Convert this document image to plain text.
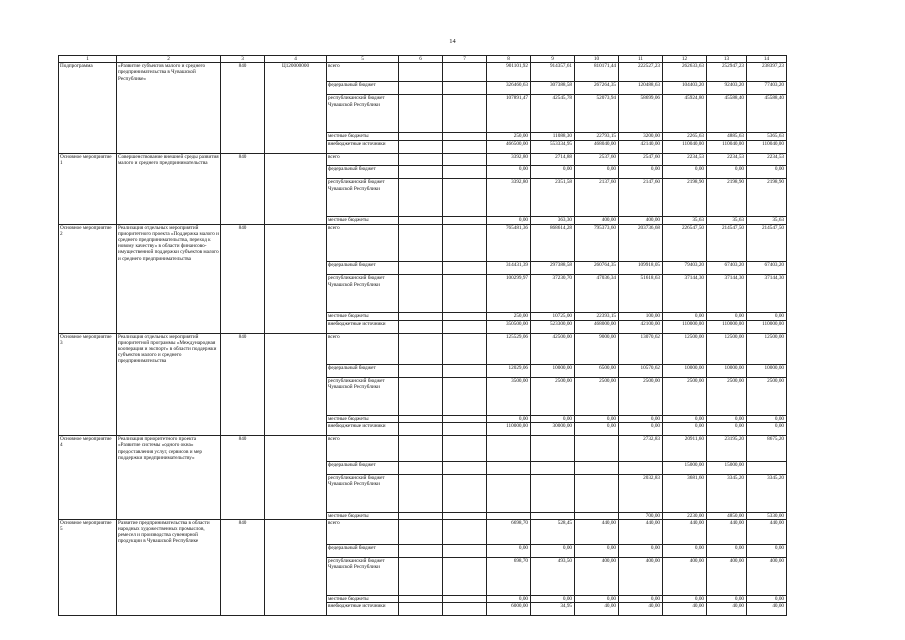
14
1	2	3	4	5	6	7	8	9	10	11	12	13	14
Подпрограмма	«Развитие субъектов малого и среднего предпринимательства в Чувашской Республике»	840	Ц120000000	всего			901101,92	914357,61	810171,44	222527,23	262633,63	252947,23	238397,23
				федеральный бюджет			326460,63	307388,58	267264,35	120488,63	104403,20	92403,20	77403,20
				республиканский бюджет Чувашской Республики			107891,47	42545,78	52073,94	58699,06	45924,80	45588,40	45588,40
				местные бюджеты			250,00	11088,30	22793,15	3200,00	2265,63	4885,63	5365,63
				внебюджетные источники			466500,00	553334,95	468040,00	42140,00	110040,00	110040,00	110040,00
Основное мероприятие 1	Совершенствование внешней среды развития малого и среднего предпринимательства	840		всего			3392,80	2714,88	2537,60	2547,60	2234,53	2234,53	2234,53
				федеральный бюджет			0,00	0,00	0,00	0,00	0,00	0,00	0,00
				республиканский бюджет Чувашской Республики			3392,80	2351,58	2137,60	2147,60	2198,90	2198,90	2198,90
				местные бюджеты			0,00	363,30	400,00	400,00	35,63	35,63	35,63
Основное мероприятие 2	Реализация отдельных мероприятий приоритетного проекта «Поддержка малого и среднего предпринимательства, переход к новому качеству» в области финансово-имущественной поддержки субъектов малого и среднего предпринимательства	840		всего			765481,36	868614,28	795373,60	203736,68	226547,50	214547,50	214547,50
				федеральный бюджет			314431,39	297388,58	260764,35	109918,05	79403,20	67403,20	67403,20
				республиканский бюджет Чувашской Республики			100299,97	37230,70	47036,34	51618,63	37144,30	37144,30	37144,30
				местные бюджеты			250,00	10725,00	22393,15	100,00	0,00	0,00	0,00
				внебюджетные источники			350500,00	523300,00	468000,00	42100,00	110000,00	110000,00	110000,00
Основное мероприятие 3	Реализация отдельных мероприятий приоритетной программы «Международная кооперация и экспорт» в области поддержки субъектов малого и среднего предпринимательства	840		всего			125529,06	42500,00	9000,00	13070,62	12500,00	12500,00	12500,00
				федеральный бюджет			12029,06	10000,00	6500,00	10570,62	10000,00	10000,00	10000,00
				республиканский бюджет Чувашской Республики			3500,00	2500,00	2500,00	2500,00	2500,00	2500,00	2500,00
				местные бюджеты			0,00	0,00	0,00	0,00	0,00	0,00	0,00
				внебюджетные источники			110000,00	30000,00	0,00	0,00	0,00	0,00	0,00
Основное мероприятие 4	Реализация приоритетного проекта «Развитие системы «одного окна» предоставления услуг, сервисов и мер поддержки предпринимательству»	840		всего						2732,83	20911,60	23195,20	8675,20
				федеральный бюджет							15000,00	15000,00	
				республиканский бюджет Чувашской Республики						2032,83	3681,60	3345,20	3345,20
				местные бюджеты						700,00	2230,00	4850,00	5330,00
Основное мероприятие 5	Развитие предпринимательства в области народных художественных промыслов, ремесел и производства сувенирной продукции в Чувашской Республике	840		всего			6698,70	528,45	440,00	440,00	440,00	440,00	440,00
				федеральный бюджет			0,00	0,00	0,00	0,00	0,00	0,00	0,00
				республиканский бюджет Чувашской Республики			698,70	493,50	400,00	400,00	400,00	400,00	400,00
				местные бюджеты			0,00	0,00	0,00	0,00	0,00	0,00	0,00
				внебюджетные источники			6000,00	34,95	40,00	40,00	40,00	40,00	40,00
